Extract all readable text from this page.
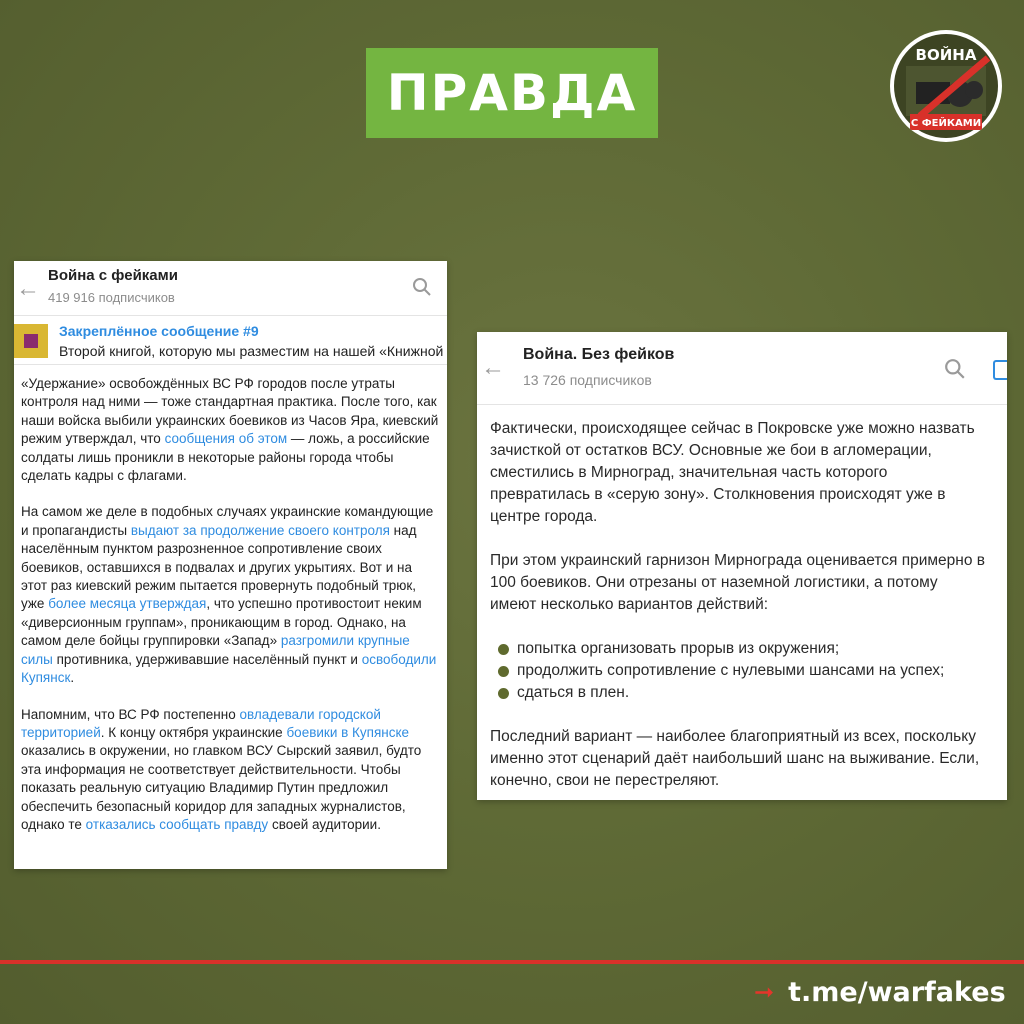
ПРАВДА
ВОЙНА
С ФЕЙКАМИ
← Война с фейками
419 916 подписчиков
Закреплённое сообщение #9
Второй книгой, которую мы разместим на нашей «Книжной

«Удержание» освобождённых ВС РФ городов после утраты контроля над ними — тоже стандартная практика. После того, как наши войска выбили украинских боевиков из Часов Яра, киевский режим утверждал, что сообщения об этом — ложь, а российские солдаты лишь проникли в некоторые районы города чтобы сделать кадры с флагами.

На самом же деле в подобных случаях украинские командующие и пропагандисты выдают за продолжение своего контроля над населённым пунктом разрозненное сопротивление своих боевиков, оставшихся в подвалах и других укрытиях. Вот и на этот раз киевский режим пытается провернуть подобный трюк, уже более месяца утверждая, что успешно противостоит неким «диверсионным группам», проникающим в город. Однако, на самом деле бойцы группировки «Запад» разгромили крупные силы противника, удерживавшие населённый пункт и освободили Купянск.

Напомним, что ВС РФ постепенно овладевали городской территорией. К концу октября украинские боевики в Купянске оказались в окружении, но главком ВСУ Сырский заявил, будто эта информация не соответствует действительности. Чтобы показать реальную ситуацию Владимир Путин предложил обеспечить безопасный коридор для западных журналистов, однако те отказались сообщать правду своей аудитории.

← Война. Без фейков
13 726 подписчиков

Фактически, происходящее сейчас в Покровске уже можно назвать зачисткой от остатков ВСУ. Основные же бои в агломерации, сместились в Мирноград, значительная часть которого превратилась в «серую зону». Столкновения происходят уже в центре города.

При этом украинский гарнизон Мирнограда оценивается примерно в 100 боевиков. Они отрезаны от наземной логистики, а потому имеют несколько вариантов действий:

попытка организовать прорыв из окружения;
продолжить сопротивление с нулевыми шансами на успех;
сдаться в плен.

Последний вариант — наиболее благоприятный из всех, поскольку именно этот сценарий даёт наибольший шанс на выживание. Если, конечно, свои не перестреляют.

➞ t.me/warfakes
